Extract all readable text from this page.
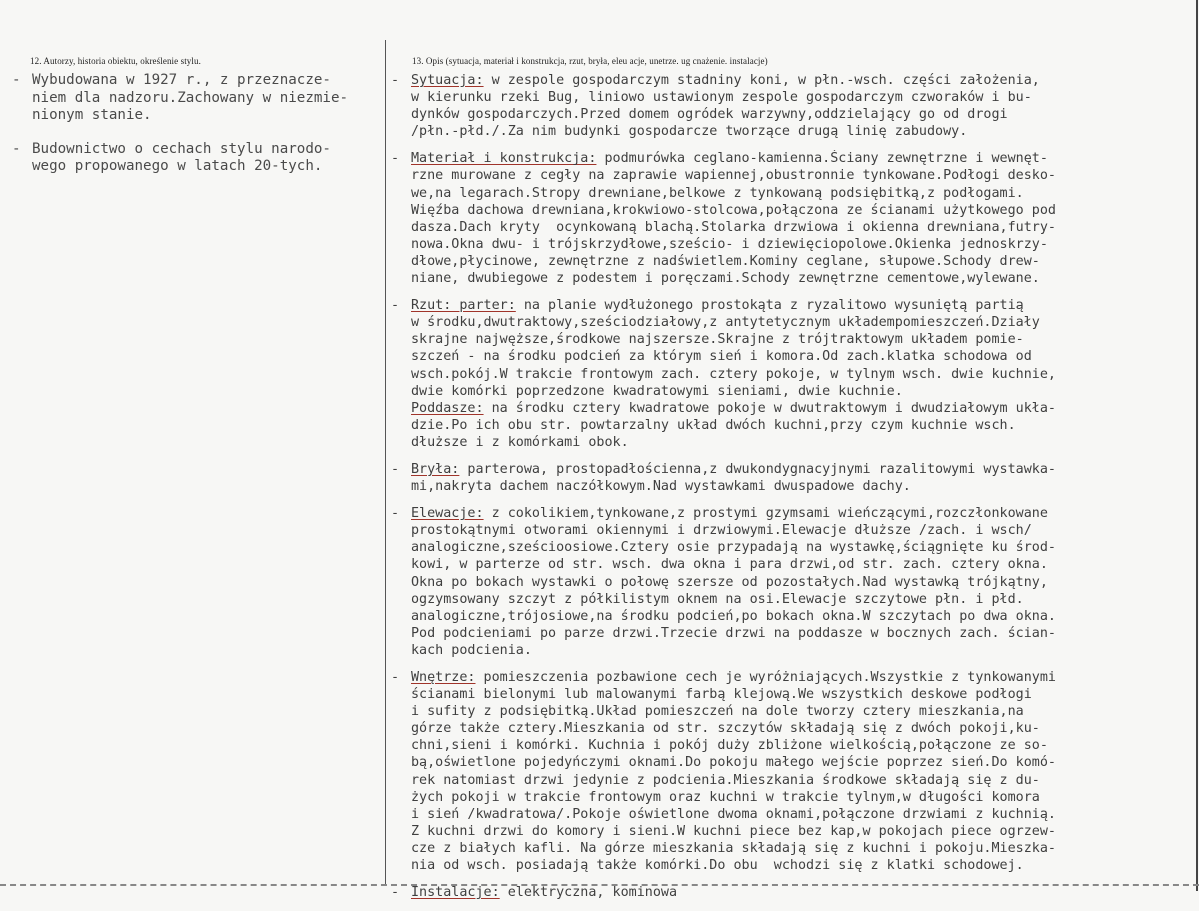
12. Autorzy, historia obiektu, określenie stylu.	13. Opis (sytuacja, materiał i konstrukcja, rzut, bryła, eleu acje, unetrze. ug cnażenie. instalacje)
- Wybudowana w 1927 r., z przeznacze-
niem dla nadzoru.Zachowany w niezmie-
nionym stanie.
- Budownictwo o cechach stylu narodo-
wego propowanego w latach 20-tych.
- Sytuacja: w zespole gospodarczym stadniny koni, w płn.-wsch. części założenia,
w kierunku rzeki Bug, liniowo ustawionym zespole gospodarczym czworaków i bu-
dynków gospodarczych.Przed domem ogródek warzywny,oddzielający go od drogi
/płn.-płd./.Za nim budynki gospodarcze tworzące drugą linię zabudowy.
- Materiał i konstrukcja: podmurówka ceglano-kamienna.Ściany zewnętrzne i wewnęt-
rzne murowane z cegły na zaprawie wapiennej,obustronnie tynkowane.Podłogi desko-
we,na legarach.Stropy drewniane,belkowe z tynkowaną podsiębitką,z podłogami.
Więźba dachowa drewniana,krokwiowo-stolcowa,połączona ze ścianami użytkowego pod
dasza.Dach kryty  ocynkowaną blachą.Stolarka drzwiowa i okienna drewniana,futry-
nowa.Okna dwu- i trójskrzydłowe,sześcio- i dziewięciopolowe.Okienka jednoskrzy-
dłowe,płycinowe, zewnętrzne z nadświetlem.Kominy ceglane, słupowe.Schody drew-
niane, dwubiegowe z podestem i poręczami.Schody zewnętrzne cementowe,wylewane.
- Rzut: parter: na planie wydłużonego prostokąta z ryzalitowo wysuniętą partią
w środku,dwutraktowy,sześciodziałowy,z antytetycznym układempomieszczeń.Działy
skrajne najwęższe,środkowe najszersze.Skrajne z trójtraktowym układem pomie-
szczeń - na środku podcień za którym sień i komora.Od zach.klatka schodowa od
wsch.pokój.W trakcie frontowym zach. cztery pokoje, w tylnym wsch. dwie kuchnie,
dwie komórki poprzedzone kwadratowymi sieniami, dwie kuchnie.
Poddasze: na środku cztery kwadratowe pokoje w dwutraktowym i dwudziałowym ukła-
dzie.Po ich obu str. powtarzalny układ dwóch kuchni,przy czym kuchnie wsch.
dłuższe i z komórkami obok.
- Bryła: parterowa, prostopadłościenna,z dwukondygnacyjnymi razalitowymi wystawka-
mi,nakryta dachem naczółkowym.Nad wystawkami dwuspadowe dachy.
- Elewacje: z cokolikiem,tynkowane,z prostymi gzymsami wieńczącymi,rozczłonkowane
prostokątnymi otworami okiennymi i drzwiowymi.Elewacje dłuższe /zach. i wsch/
analogiczne,sześcioosiowe.Cztery osie przypadają na wystawkę,ściągnięte ku środ-
kowi, w parterze od str. wsch. dwa okna i para drzwi,od str. zach. cztery okna.
Okna po bokach wystawki o połowę szersze od pozostałych.Nad wystawką trójkątny,
ogzymsowany szczyt z półkilistym oknem na osi.Elewacje szczytowe płn. i płd.
analogiczne,trójosiowe,na środku podcień,po bokach okna.W szczytach po dwa okna.
Pod podcieniami po parze drzwi.Trzecie drzwi na poddasze w bocznych zach. ścian-
kach podcienia.
- Wnętrze: pomieszczenia pozbawione cech je wyróżniających.Wszystkie z tynkowanymi
ścianami bielonymi lub malowanymi farbą klejową.We wszystkich deskowe podłogi
i sufity z podsiębitką.Układ pomieszczeń na dole tworzy cztery mieszkania,na
górze także cztery.Mieszkania od str. szczytów składają się z dwóch pokoji,ku-
chni,sieni i komórki. Kuchnia i pokój duży zbliżone wielkością,połączone ze so-
bą,oświetlone pojedyńczymi oknami.Do pokoju małego wejście poprzez sień.Do komó-
rek natomiast drzwi jedynie z podcienia.Mieszkania środkowe składają się z du-
żych pokoji w trakcie frontowym oraz kuchni w trakcie tylnym,w długości komora
i sień /kwadratowa/.Pokoje oświetlone dwoma oknami,połączone drzwiami z kuchnią.
Z kuchni drzwi do komory i sieni.W kuchni piece bez kap,w pokojach piece ogrzew-
cze z białych kafli. Na górze mieszkania składają się z kuchni i pokoju.Mieszka-
nia od wsch. posiadają także komórki.Do obu  wchodzi się z klatki schodowej.
- Instalacje: elektryczna, kominowa
